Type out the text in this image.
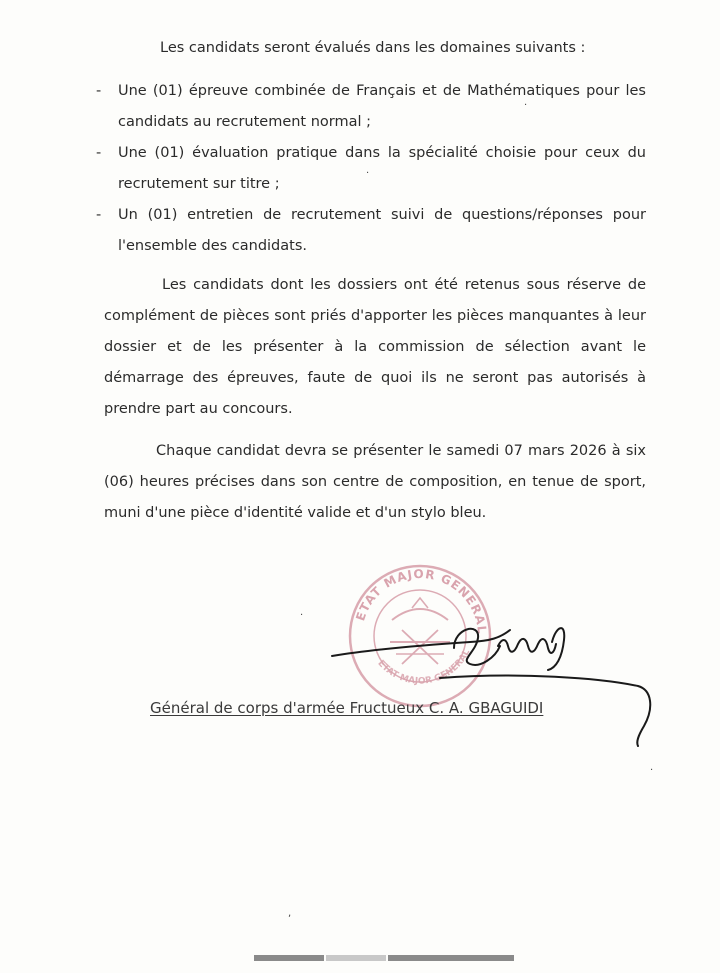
Les candidats seront évalués dans les domaines suivants :
- Une (01) épreuve combinée de Français et de Mathématiques pour les candidats au recrutement normal ;
- Une (01) évaluation pratique dans la spécialité choisie pour ceux du recrutement sur titre ;
- Un (01) entretien de recrutement suivi de questions/réponses pour l'ensemble des candidats.

Les candidats dont les dossiers ont été retenus sous réserve de complément de pièces sont priés d'apporter les pièces manquantes à leur dossier et de les présenter à la commission de sélection avant le démarrage des épreuves, faute de quoi ils ne seront pas autorisés à prendre part au concours.

Chaque candidat devra se présenter le samedi 07 mars 2026 à six (06) heures précises dans son centre de composition, en tenue de sport, muni d'une pièce d'identité valide et d'un stylo bleu.

ETAT MAJOR GENERAL
ETAT MAJOR GENERAL
Général de corps d'armée Fructueux C. A. GBAGUIDI
·
·
·
·
,
